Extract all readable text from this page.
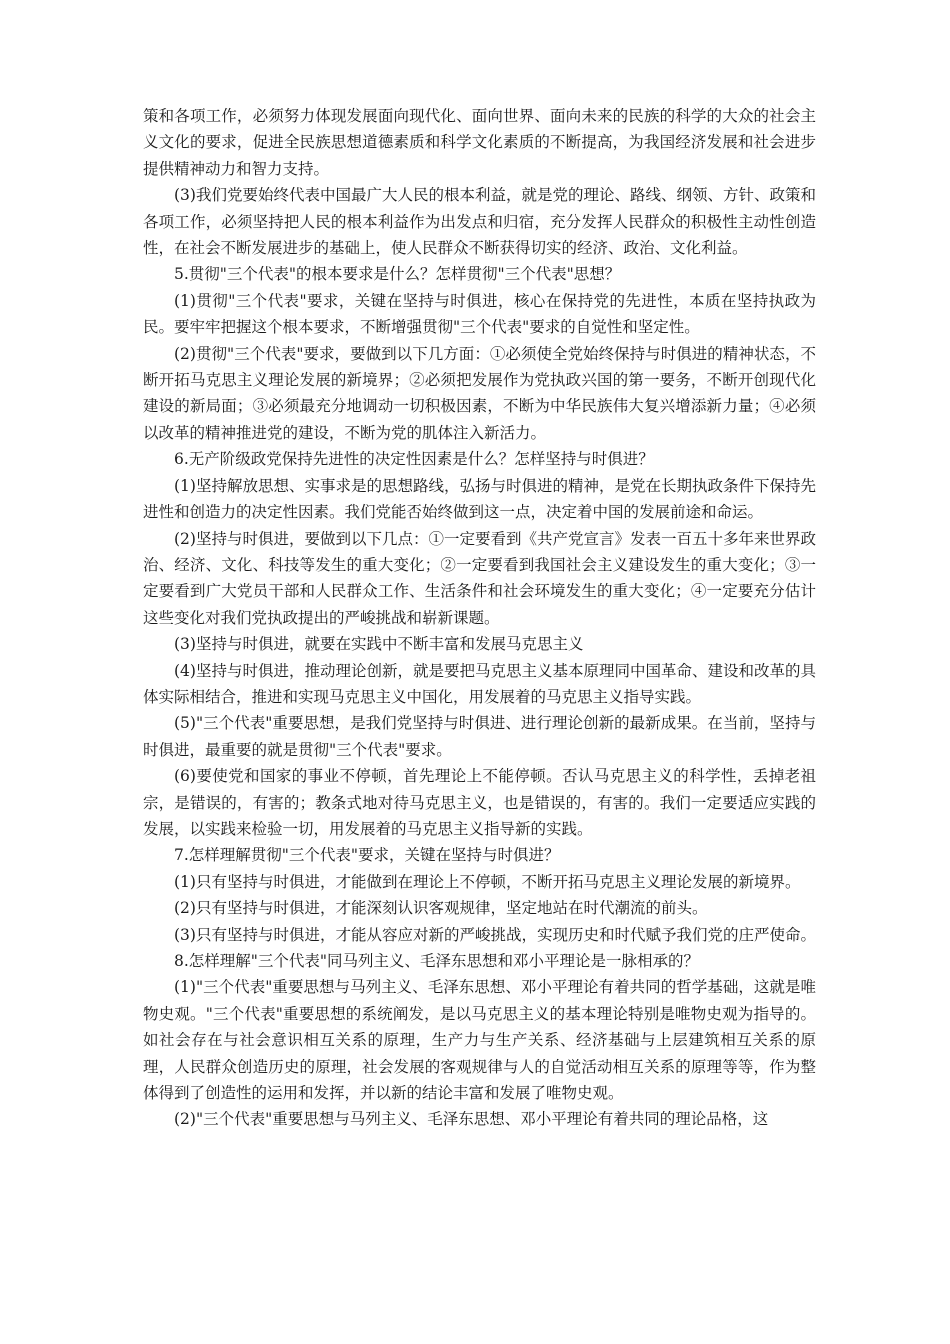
策和各项工作，必须努力体现发展面向现代化、面向世界、面向未来的民族的科学的大众的社会主义文化的要求，促进全民族思想道德素质和科学文化素质的不断提高，为我国经济发展和社会进步提供精神动力和智力支持。

(3)我们党要始终代表中国最广大人民的根本利益，就是党的理论、路线、纲领、方针、政策和各项工作，必须坚持把人民的根本利益作为出发点和归宿，充分发挥人民群众的积极性主动性创造性，在社会不断发展进步的基础上，使人民群众不断获得切实的经济、政治、文化利益。

5.贯彻"三个代表"的根本要求是什么？怎样贯彻"三个代表"思想？

(1)贯彻"三个代表"要求，关键在坚持与时俱进，核心在保持党的先进性，本质在坚持执政为民。要牢牢把握这个根本要求，不断增强贯彻"三个代表"要求的自觉性和坚定性。

(2)贯彻"三个代表"要求，要做到以下几方面：①必须使全党始终保持与时俱进的精神状态，不断开拓马克思主义理论发展的新境界；②必须把发展作为党执政兴国的第一要务，不断开创现代化建设的新局面；③必须最充分地调动一切积极因素，不断为中华民族伟大复兴增添新力量；④必须以改革的精神推进党的建设，不断为党的肌体注入新活力。

6.无产阶级政党保持先进性的决定性因素是什么？怎样坚持与时俱进？

(1)坚持解放思想、实事求是的思想路线，弘扬与时俱进的精神，是党在长期执政条件下保持先进性和创造力的决定性因素。我们党能否始终做到这一点，决定着中国的发展前途和命运。

(2)坚持与时俱进，要做到以下几点：①一定要看到《共产党宣言》发表一百五十多年来世界政治、经济、文化、科技等发生的重大变化；②一定要看到我国社会主义建设发生的重大变化；③一定要看到广大党员干部和人民群众工作、生活条件和社会环境发生的重大变化；④一定要充分估计这些变化对我们党执政提出的严峻挑战和崭新课题。

(3)坚持与时俱进，就要在实践中不断丰富和发展马克思主义

(4)坚持与时俱进，推动理论创新，就是要把马克思主义基本原理同中国革命、建设和改革的具体实际相结合，推进和实现马克思主义中国化，用发展着的马克思主义指导实践。

(5)"三个代表"重要思想，是我们党坚持与时俱进、进行理论创新的最新成果。在当前，坚持与时俱进，最重要的就是贯彻"三个代表"要求。

(6)要使党和国家的事业不停顿，首先理论上不能停顿。否认马克思主义的科学性，丢掉老祖宗，是错误的，有害的；教条式地对待马克思主义，也是错误的，有害的。我们一定要适应实践的发展，以实践来检验一切，用发展着的马克思主义指导新的实践。

7.怎样理解贯彻"三个代表"要求，关键在坚持与时俱进？

(1)只有坚持与时俱进，才能做到在理论上不停顿，不断开拓马克思主义理论发展的新境界。

(2)只有坚持与时俱进，才能深刻认识客观规律，坚定地站在时代潮流的前头。

(3)只有坚持与时俱进，才能从容应对新的严峻挑战，实现历史和时代赋予我们党的庄严使命。

8.怎样理解"三个代表"同马列主义、毛泽东思想和邓小平理论是一脉相承的？

(1)"三个代表"重要思想与马列主义、毛泽东思想、邓小平理论有着共同的哲学基础，这就是唯物史观。"三个代表"重要思想的系统阐发，是以马克思主义的基本理论特别是唯物史观为指导的。如社会存在与社会意识相互关系的原理，生产力与生产关系、经济基础与上层建筑相互关系的原理，人民群众创造历史的原理，社会发展的客观规律与人的自觉活动相互关系的原理等等，作为整体得到了创造性的运用和发挥，并以新的结论丰富和发展了唯物史观。

(2)"三个代表"重要思想与马列主义、毛泽东思想、邓小平理论有着共同的理论品格，这
